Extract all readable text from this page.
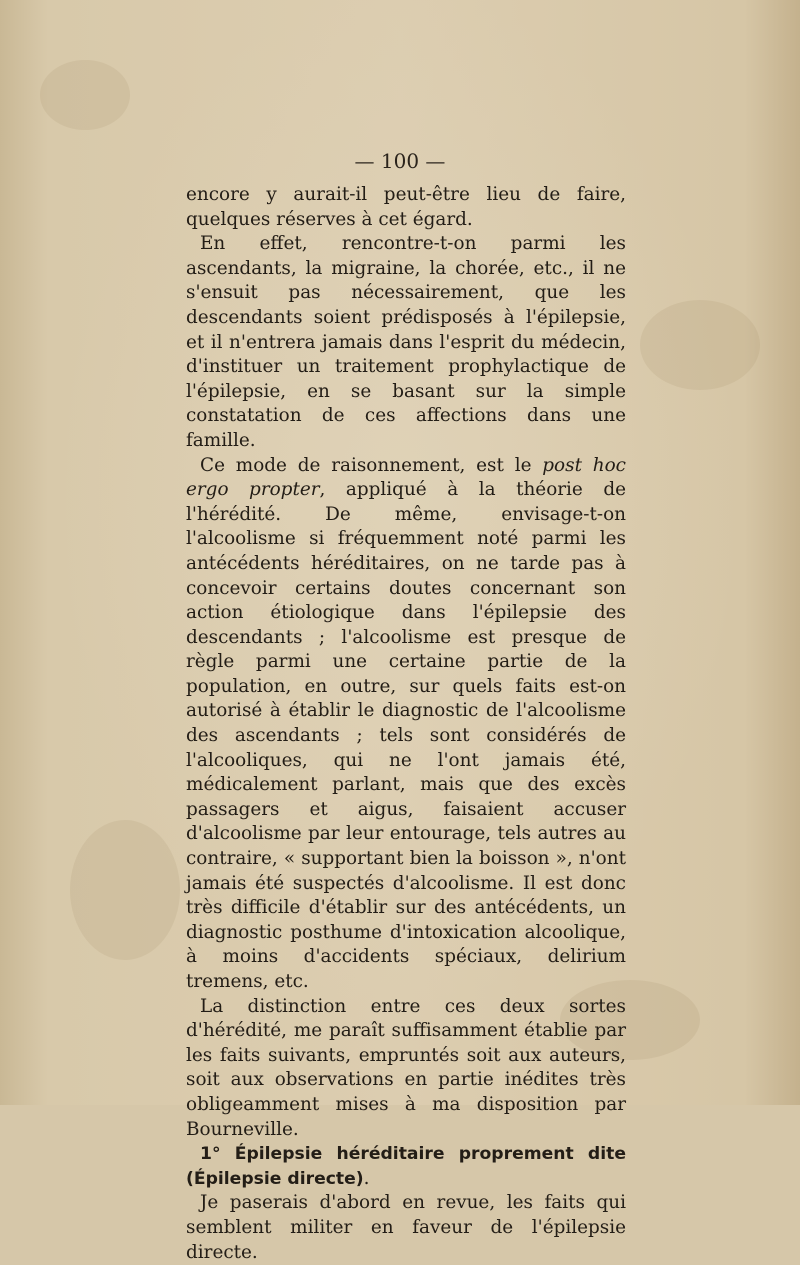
— 100 —

encore y aurait-il peut-être lieu de faire, quelques réserves à cet égard.

En effet, rencontre-t-on parmi les ascendants, la migraine, la chorée, etc., il ne s'ensuit pas nécessairement, que les descendants soient prédisposés à l'épilepsie, et il n'entrera jamais dans l'esprit du médecin, d'instituer un traitement prophylactique de l'épilepsie, en se basant sur la simple constatation de ces affections dans une famille.

Ce mode de raisonnement, est le post hoc ergo propter, appliqué à la théorie de l'hérédité. De même, envisage-t-on l'alcoolisme si fréquemment noté parmi les antécédents héréditaires, on ne tarde pas à concevoir certains doutes concernant son action étiologique dans l'épilepsie des descendants ; l'alcoolisme est presque de règle parmi une certaine partie de la population, en outre, sur quels faits est-on autorisé à établir le diagnostic de l'alcoolisme des ascendants ; tels sont considérés de l'alcooliques, qui ne l'ont jamais été, médicalement parlant, mais que des excès passagers et aigus, faisaient accuser d'alcoolisme par leur entourage, tels autres au contraire, « supportant bien la boisson », n'ont jamais été suspectés d'alcoolisme. Il est donc très difficile d'établir sur des antécédents, un diagnostic posthume d'intoxication alcoolique, à moins d'accidents spéciaux, delirium tremens, etc.

La distinction entre ces deux sortes d'hérédité, me paraît suffisamment établie par les faits suivants, empruntés soit aux auteurs, soit aux observations en partie inédites très obligeamment mises à ma disposition par Bourneville.

1° Épilepsie héréditaire proprement dite (Épilepsie directe).

Je paserais d'abord en revue, les faits qui semblent militer en faveur de l'épilepsie directe.
